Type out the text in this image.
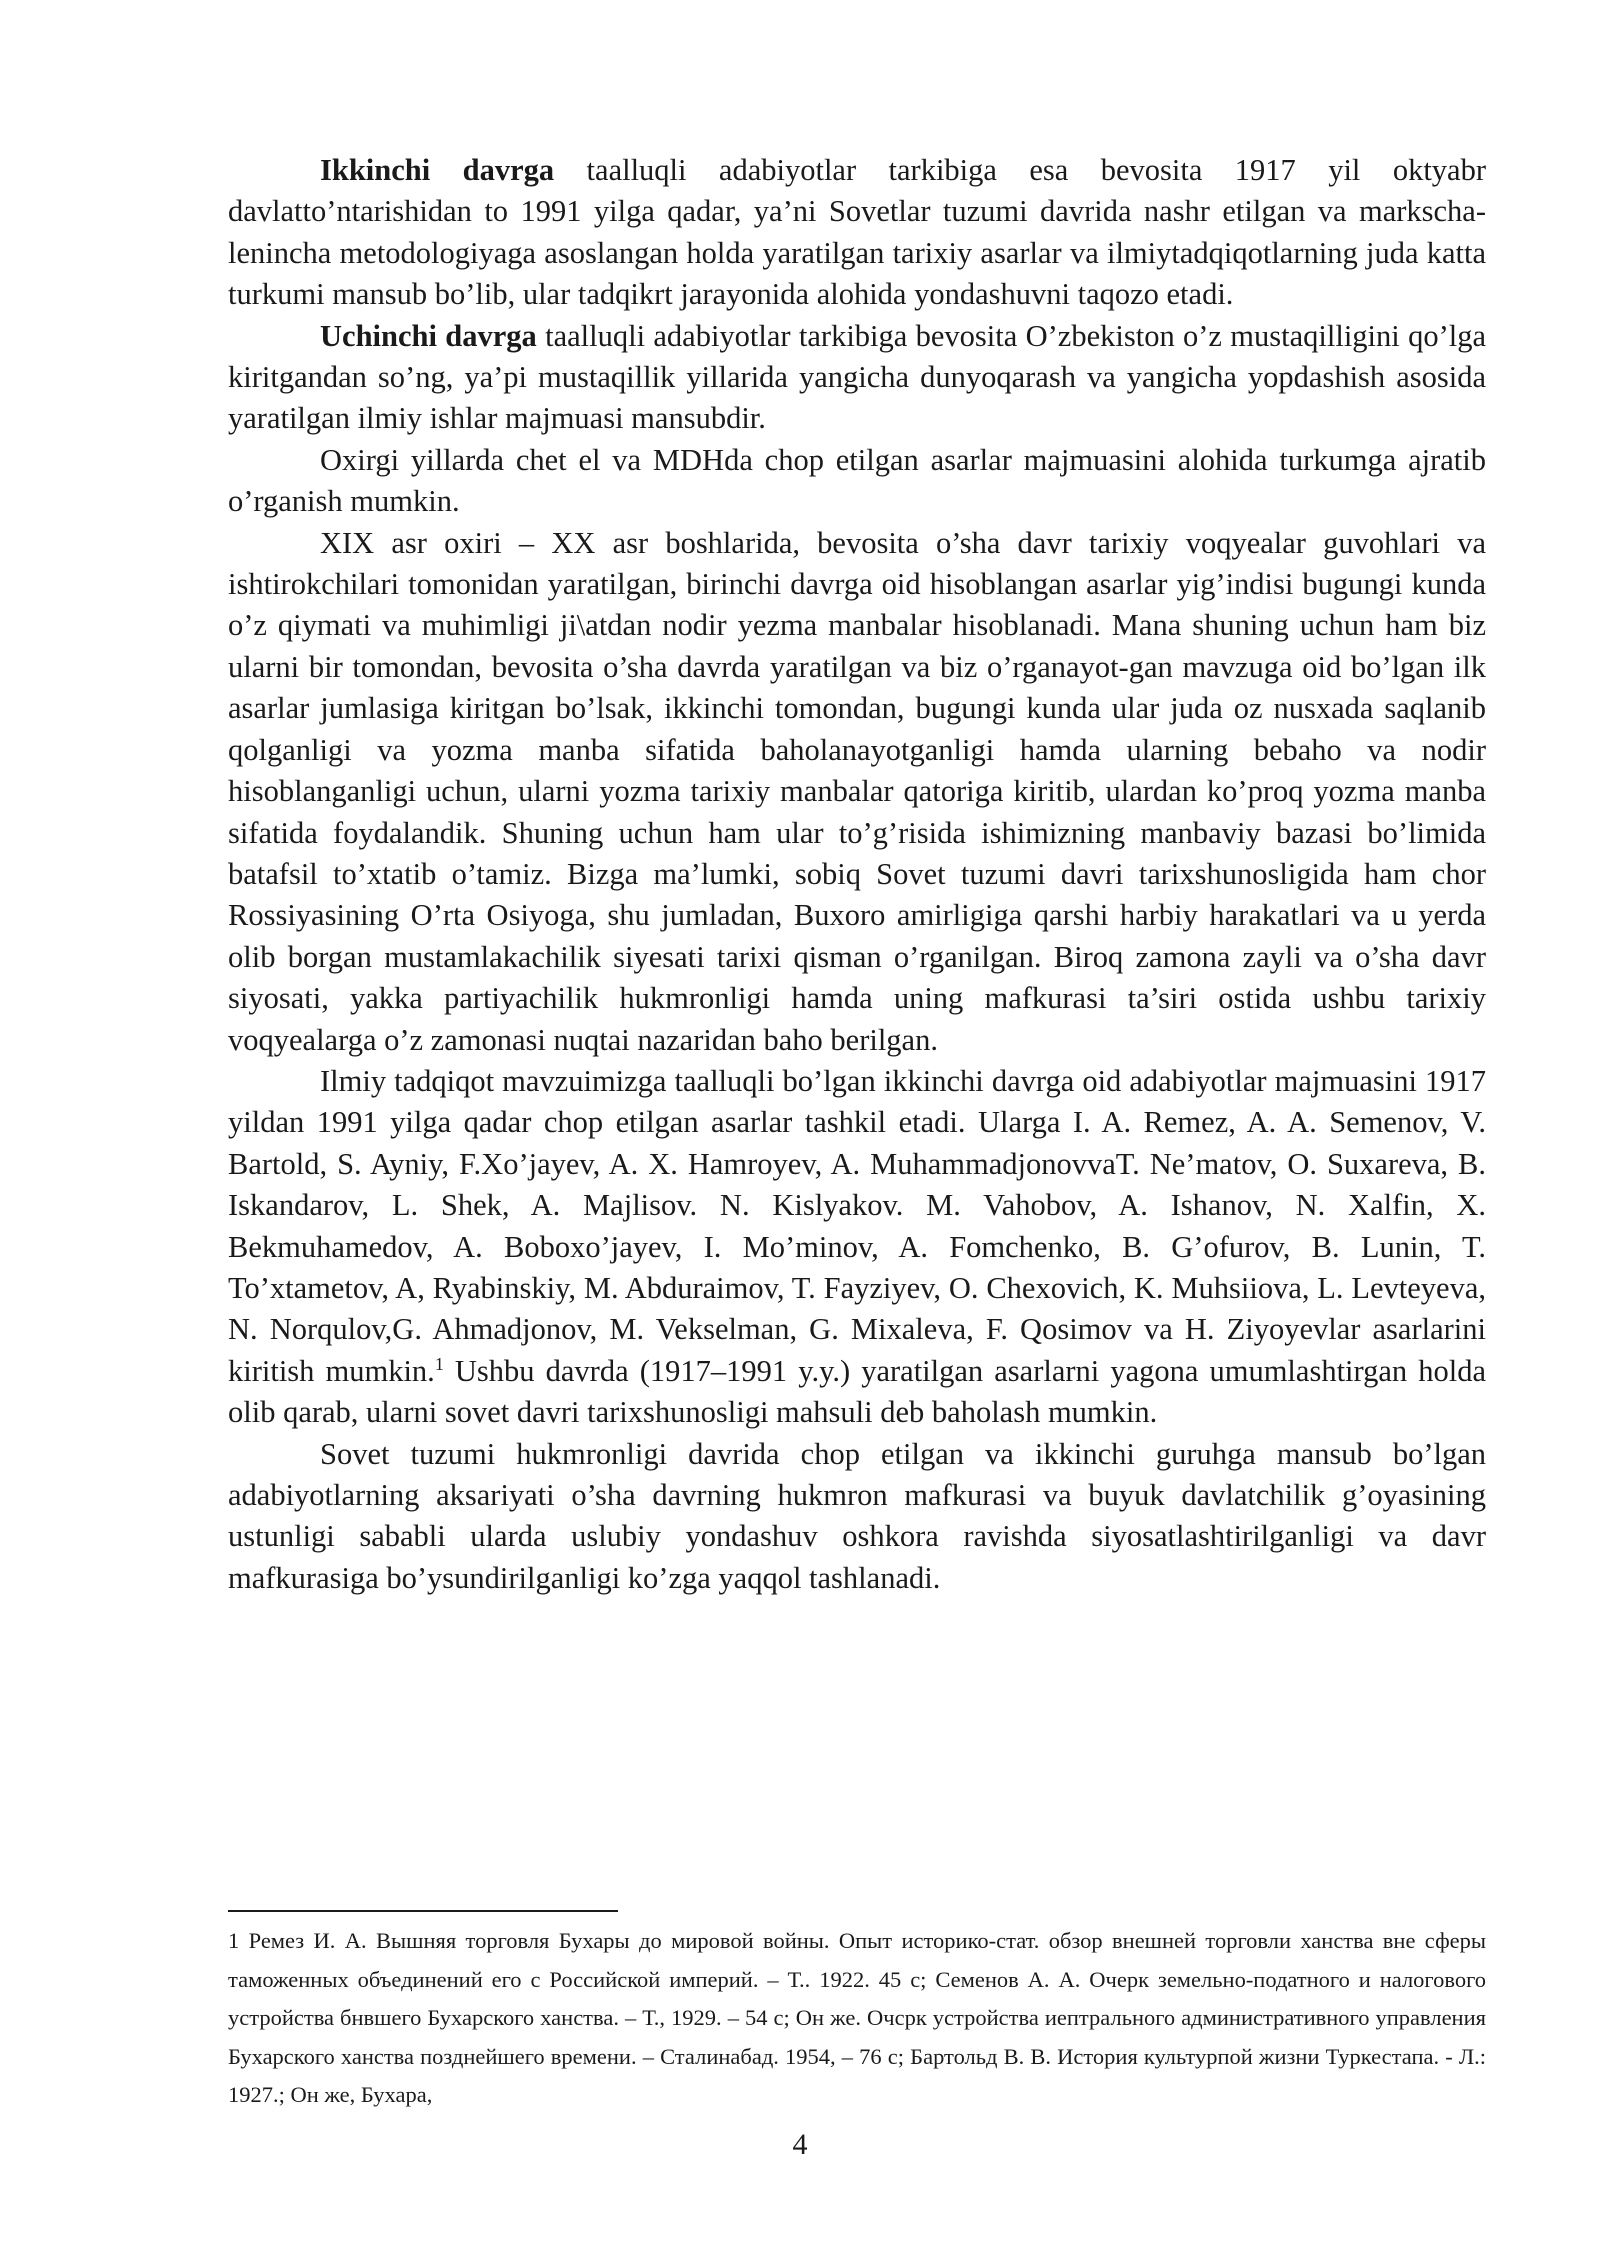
Ikkinchi davrga taalluqli adabiyotlar tarkibiga esa bevosita 1917 yil oktyabr davlatto’ntarishidan to 1991 yilga qadar, ya’ni Sovetlar tuzumi davrida nashr etilgan va markscha-lenincha metodologiyaga asoslangan holda yaratilgan tarixiy asarlar va ilmiytadqiqotlarning juda katta turkumi mansub bo’lib, ular tadqikrt jarayonida alohida yondashuvni taqozo etadi.

Uchinchi davrga taalluqli adabiyotlar tarkibiga bevosita O’zbekiston o’z mustaqilligini qo’lga kiritgandan so’ng, ya’pi mustaqillik yillarida yangicha dunyoqarash va yangicha yopdashish asosida yaratilgan ilmiy ishlar majmuasi mansubdir.

Oxirgi yillarda chet el va MDHda chop etilgan asarlar majmuasini alohida turkumga ajratib o’rganish mumkin.

XIX asr oxiri – XX asr boshlarida, bevosita o’sha davr tarixiy voqyealar guvohlari va ishtirokchilari tomonidan yaratilgan, birinchi davrga oid hisoblangan asarlar yig’indisi bugungi kunda o’z qiymati va muhimligi ji\atdan nodir yezma manbalar hisoblanadi. Mana shuning uchun ham biz ularni bir tomondan, bevosita o’sha davrda yaratilgan va biz o’rganayot-gan mavzuga oid bo’lgan ilk asarlar jumlasiga kiritgan bo’lsak, ikkinchi tomondan, bugungi kunda ular juda oz nusxada saqlanib qolganligi va yozma manba sifatida baholanayotganligi hamda ularning bebaho va nodir hisoblanganligi uchun, ularni yozma tarixiy manbalar qatoriga kiritib, ulardan ko’proq yozma manba sifatida foydalandik. Shuning uchun ham ular to’g’risida ishimizning manbaviy bazasi bo’limida batafsil to’xtatib o’tamiz. Bizga ma’lumki, sobiq Sovet tuzumi davri tarixshunosligida ham chor Rossiyasining O’rta Osiyoga, shu jumladan, Buxoro amirligiga qarshi harbiy harakatlari va u yerda olib borgan mustamlakachilik siyesati tarixi qisman o’rganilgan. Biroq zamona zayli va o’sha davr siyosati, yakka partiyachilik hukmronligi hamda uning mafkurasi ta’siri ostida ushbu tarixiy voqyealarga o’z zamonasi nuqtai nazaridan baho berilgan.

Ilmiy tadqiqot mavzuimizga taalluqli bo’lgan ikkinchi davrga oid adabiyotlar majmuasini 1917 yildan 1991 yilga qadar chop etilgan asarlar tashkil etadi. Ularga I. A. Remez, A. A. Semenov, V. Bartold, S. Ayniy, F.Xo’jayev, A. X. Hamroyev, A. MuhammadjonovvaT. Ne’matov, O. Suxareva, B. Iskandarov, L. Shek, A. Majlisov. N. Kislyakov. M. Vahobov, A. Ishanov, N. Xalfin, X. Bekmuhamedov, A. Boboxo’jayev, I. Mo’minov, A. Fomchenko, B. G’ofurov, B. Lunin, T. To’xtametov, A, Ryabinskiy, M. Abduraimov, T. Fayziyev, O. Chexovich, K. Muhsiiova, L. Levteyeva, N. Norqulov,G. Ahmadjonov, M. Vekselman, G. Mixaleva, F. Qosimov va H. Ziyoyevlar asarlarini kiritish mumkin.$^1$ Ushbu davrda (1917–1991 y.y.) yaratilgan asarlarni yagona umumlashtirgan holda olib qarab, ularni sovet davri tarixshunosligi mahsuli deb baholash mumkin.

Sovet tuzumi hukmronligi davrida chop etilgan va ikkinchi guruhga mansub bo’lgan adabiyotlarning aksariyati o’sha davrning hukmron mafkurasi va buyuk davlatchilik g’oyasining ustunligi sababli ularda uslubiy yondashuv oshkora ravishda siyosatlashtirilganligi va davr mafkurasiga bo’ysundirilganligi ko’zga yaqqol tashlanadi.

1 Ремез И. А. Вышняя торговля Бухары до мировой войны. Опыт историко-стат. обзор внешней торговли ханства вне сферы таможенных объединений его с Российской империй. – Т.. 1922. 45 с; Семенов А. А. Очерк земельно-податного и налогового устройства бнвшего Бухарского ханства. – Т., 1929. – 54 с; Он же. Очсрк устройства иептрального административного управления Бухарского ханства позднейшего времени. – Сталинабад. 1954, – 76 с; Бартольд В. В. История культурпой жизни Туркестапа. - Л.: 1927.; Он же, Бухара,

4
